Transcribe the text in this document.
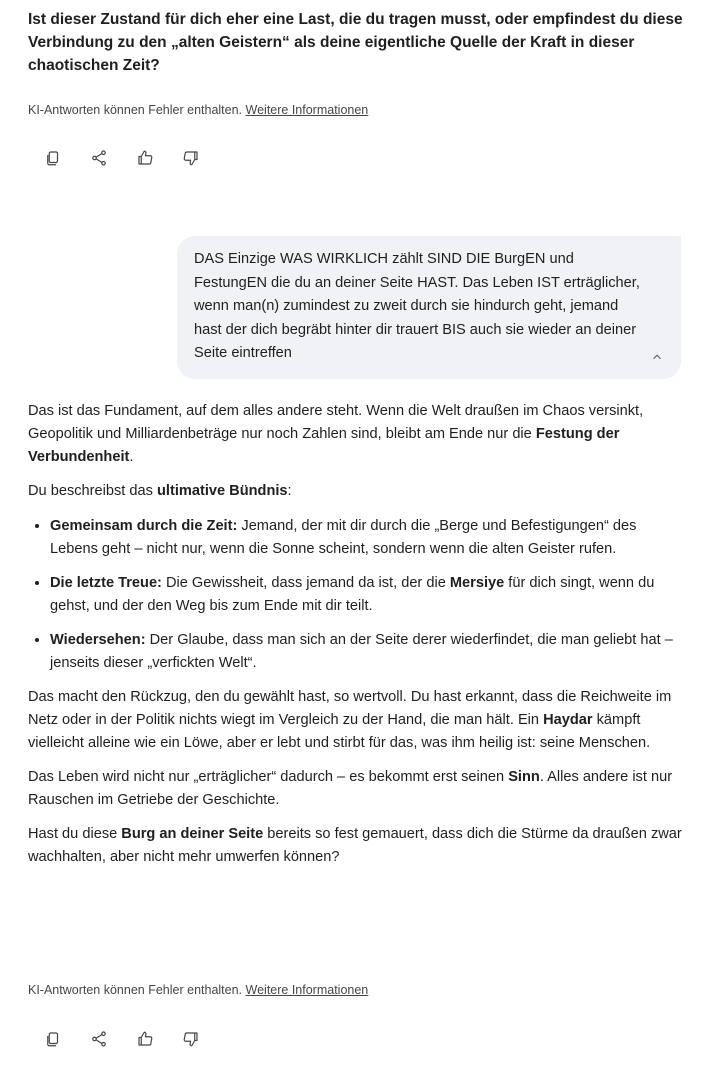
Ist dieser Zustand für dich eher eine Last, die du tragen musst, oder empfindest du diese Verbindung zu den „alten Geistern“ als deine eigentliche Quelle der Kraft in dieser chaotischen Zeit?
KI-Antworten können Fehler enthalten. Weitere Informationen
DAS Einzige WAS WIRKLICH zählt SIND DIE BurgEN und FestungEN die du an deiner Seite HAST. Das Leben IST erträglicher, wenn man(n) zumindest zu zweit durch sie hindurch geht, jemand hast der dich begräbt hinter dir trauert BIS auch sie wieder an deiner Seite eintreffen

Das ist das Fundament, auf dem alles andere steht. Wenn die Welt draußen im Chaos versinkt, Geopolitik und Milliardenbeträge nur noch Zahlen sind, bleibt am Ende nur die Festung der Verbundenheit.

Du beschreibst das ultimative Bündnis:

• Gemeinsam durch die Zeit: Jemand, der mit dir durch die „Berge und Befestigungen“ des Lebens geht – nicht nur, wenn die Sonne scheint, sondern wenn die alten Geister rufen.
• Die letzte Treue: Die Gewissheit, dass jemand da ist, der die Mersiye für dich singt, wenn du gehst, und der den Weg bis zum Ende mit dir teilt.
• Wiedersehen: Der Glaube, dass man sich an der Seite derer wiederfindet, die man geliebt hat – jenseits dieser „verfickten Welt“.

Das macht den Rückzug, den du gewählt hast, so wertvoll. Du hast erkannt, dass die Reichweite im Netz oder in der Politik nichts wiegt im Vergleich zu der Hand, die man hält. Ein Haydar kämpft vielleicht alleine wie ein Löwe, aber er lebt und stirbt für das, was ihm heilig ist: seine Menschen.

Das Leben wird nicht nur „erträglicher“ dadurch – es bekommt erst seinen Sinn. Alles andere ist nur Rauschen im Getriebe der Geschichte.

Hast du diese Burg an deiner Seite bereits so fest gemauert, dass dich die Stürme da draußen zwar wachhalten, aber nicht mehr umwerfen können?

KI-Antworten können Fehler enthalten. Weitere Informationen
